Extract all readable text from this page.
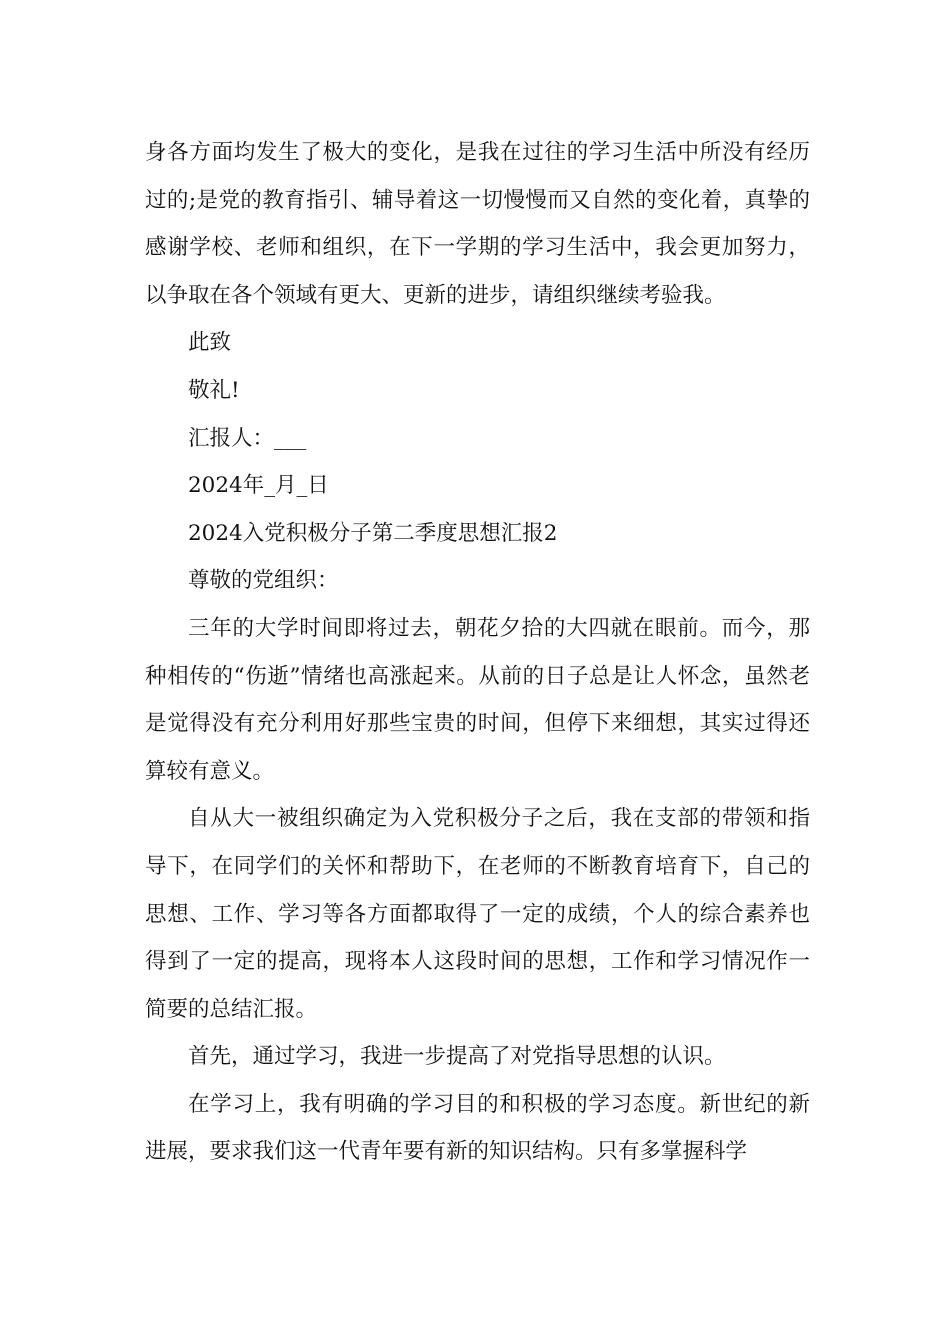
身各方面均发生了极大的变化，是我在过往的学习生活中所没有经历过的;是党的教育指引、辅导着这一切慢慢而又自然的变化着，真挚的感谢学校、老师和组织，在下一学期的学习生活中，我会更加努力，以争取在各个领域有更大、更新的进步，请组织继续考验我。

此致

敬礼!

汇报人：___

2024年_月_日

2024入党积极分子第二季度思想汇报2

尊敬的党组织：

三年的大学时间即将过去，朝花夕拾的大四就在眼前。而今，那种相传的“伤逝”情绪也高涨起来。从前的日子总是让人怀念，虽然老是觉得没有充分利用好那些宝贵的时间，但停下来细想，其实过得还算较有意义。

自从大一被组织确定为入党积极分子之后，我在支部的带领和指导下，在同学们的关怀和帮助下，在老师的不断教育培育下，自己的思想、工作、学习等各方面都取得了一定的成绩，个人的综合素养也得到了一定的提高，现将本人这段时间的思想，工作和学习情况作一简要的总结汇报。

首先，通过学习，我进一步提高了对党指导思想的认识。

在学习上，我有明确的学习目的和积极的学习态度。新世纪的新进展，要求我们这一代青年要有新的知识结构。只有多掌握科学
